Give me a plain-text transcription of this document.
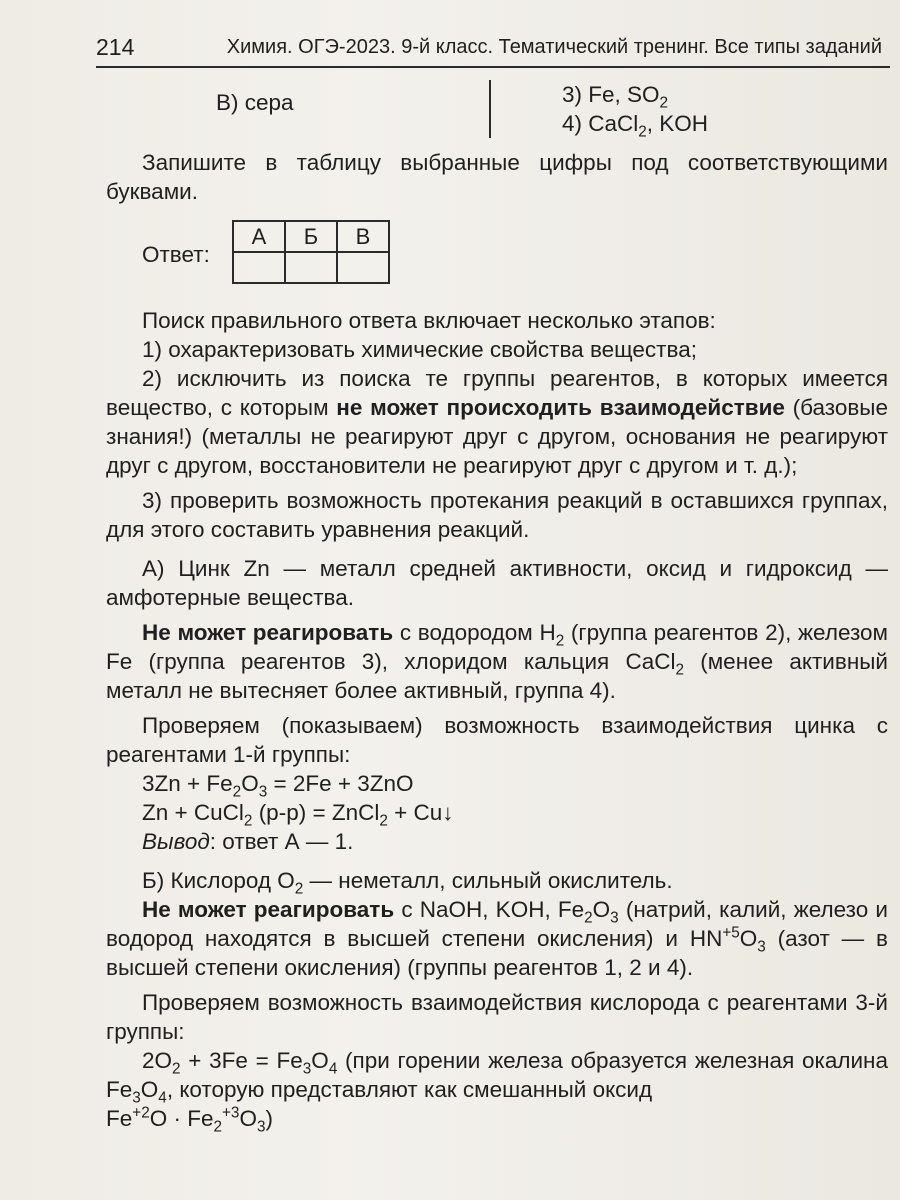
214	Химия. ОГЭ-2023. 9-й класс. Тематический тренинг. Все типы заданий
В) сера	3) Fe, $SO_2$
4) CaCl$_2$, KOH

Запишите в таблицу выбранные цифры под соответствующими буквами.

Ответ:
А	Б	В

Поиск правильного ответа включает несколько этапов:

1) охарактеризовать химические свойства вещества;

2) исключить из поиска те группы реагентов, в которых имеется вещество, с которым не может происходить взаимодействие (базовые знания!) (металлы не реагируют друг с другом, основания не реагируют друг с другом, восстановители не реагируют друг с другом и т. д.);

3) проверить возможность протекания реакций в оставшихся группах, для этого составить уравнения реакций.

А) Цинк Zn — металл средней активности, оксид и гидроксид — амфотерные вещества.

Не может реагировать с водородом $H_2$ (группа реагентов 2), железом Fe (группа реагентов 3), хлоридом кальция CaCl$_2$ (менее активный металл не вытесняет более активный, группа 4).

Проверяем (показываем) возможность взаимодействия цинка с реагентами 1-й группы:

$3Zn + Fe_2O_3 = 2Fe + 3ZnO$
Zn + CuCl$_2$ (р-р) = ZnCl$_2$ + Cu↓
Вывод: ответ А — 1.

Б) Кислород $O_2$ — неметалл, сильный окислитель.

Не может реагировать с NaOH, KOH, $Fe_2O_3$ (натрий, калий, железо и водород находятся в высшей степени окисления) и $HN^{+5}O_3$ (азот — в высшей степени окисления) (группы реагентов 1, 2 и 4).

Проверяем возможность взаимодействия кислорода с реагентами 3-й группы:

$2O_2 + 3Fe = Fe_3O_4$ (при горении железа образуется железная окалина $Fe_3O_4$, которую представляют как смешанный оксид

$Fe^{+2}O \cdot Fe_2^{+3}O_3$)
